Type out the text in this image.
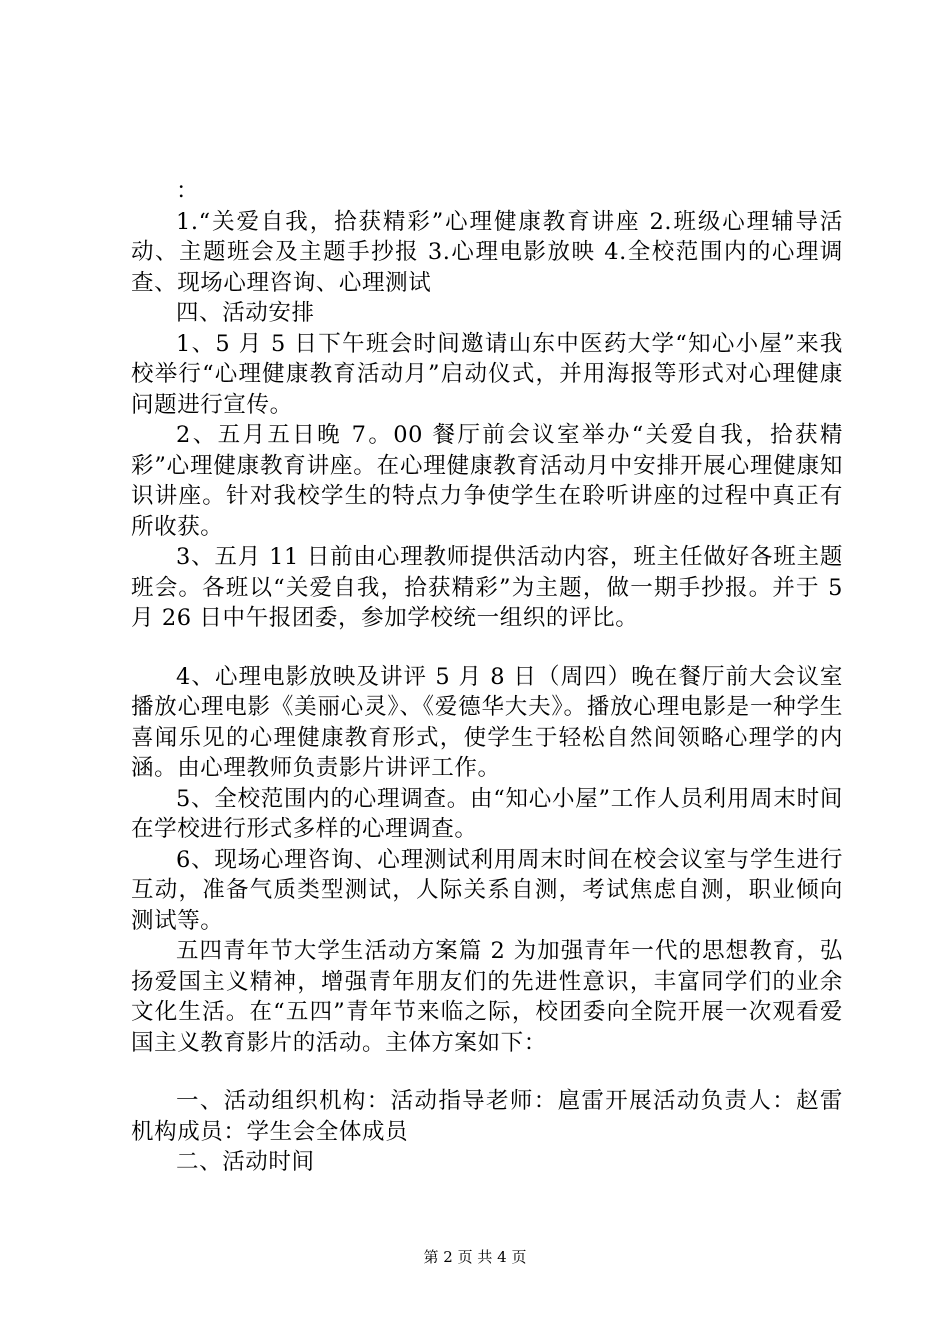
：

1.“关爱自我，拾获精彩”心理健康教育讲座 2.班级心理辅导活动、主题班会及主题手抄报 3.心理电影放映 4.全校范围内的心理调查、现场心理咨询、心理测试

四、活动安排

1、5 月 5 日下午班会时间邀请山东中医药大学“知心小屋”来我校举行“心理健康教育活动月”启动仪式，并用海报等形式对心理健康问题进行宣传。

2、五月五日晚 7。00 餐厅前会议室举办“关爱自我，拾获精彩”心理健康教育讲座。在心理健康教育活动月中安排开展心理健康知识讲座。针对我校学生的特点力争使学生在聆听讲座的过程中真正有所收获。

3、五月 11 日前由心理教师提供活动内容，班主任做好各班主题班会。各班以“关爱自我，拾获精彩”为主题，做一期手抄报。并于 5 月 26 日中午报团委，参加学校统一组织的评比。

4、心理电影放映及讲评 5 月 8 日（周四）晚在餐厅前大会议室播放心理电影《美丽心灵》、《爱德华大夫》。播放心理电影是一种学生喜闻乐见的心理健康教育形式，使学生于轻松自然间领略心理学的内涵。由心理教师负责影片讲评工作。

5、全校范围内的心理调查。由“知心小屋”工作人员利用周末时间在学校进行形式多样的心理调查。

6、现场心理咨询、心理测试利用周末时间在校会议室与学生进行互动，准备气质类型测试，人际关系自测，考试焦虑自测，职业倾向测试等。

五四青年节大学生活动方案篇 2 为加强青年一代的思想教育，弘扬爱国主义精神，增强青年朋友们的先进性意识，丰富同学们的业余文化生活。在“五四”青年节来临之际，校团委向全院开展一次观看爱国主义教育影片的活动。主体方案如下：

一、活动组织机构：活动指导老师：扈雷开展活动负责人：赵雷机构成员：学生会全体成员

二、活动时间

第 2 页 共 4 页
